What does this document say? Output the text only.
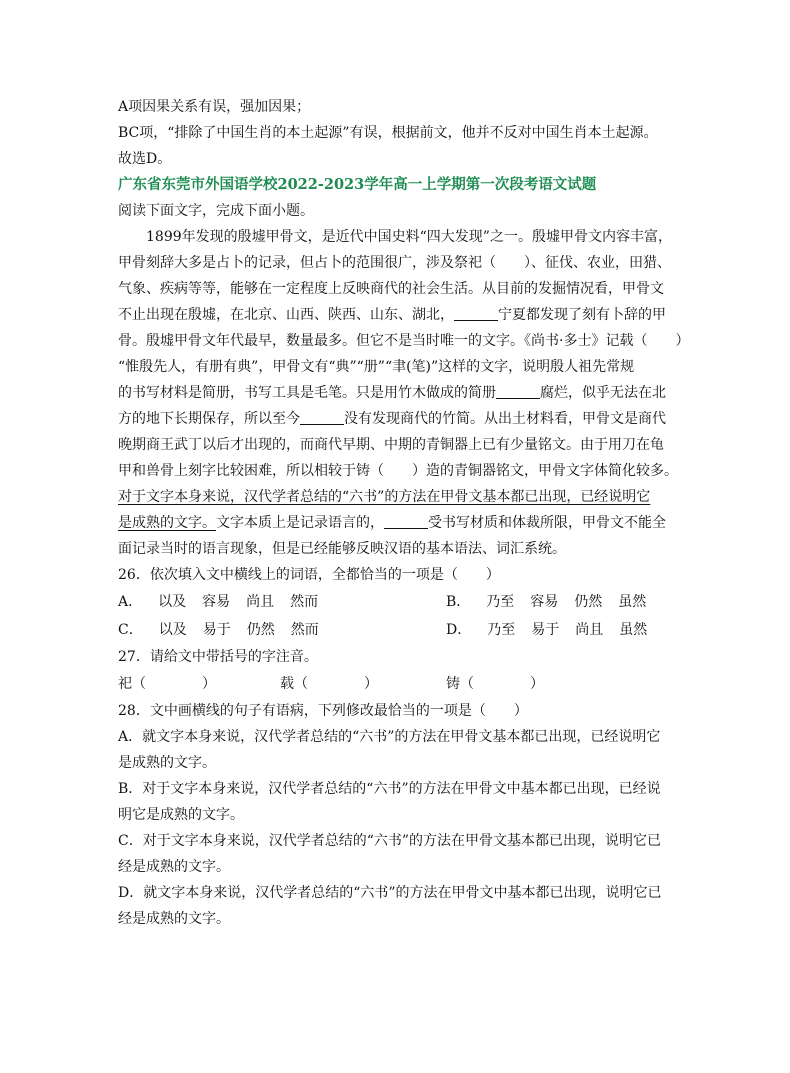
A项因果关系有误，强加因果；
BC项，“排除了中国生肖的本土起源”有误，根据前文，他并不反对中国生肖本土起源。
故选D。
广东省东莞市外国语学校2022-2023学年高一上学期第一次段考语文试题
阅读下面文字，完成下面小题。
1899年发现的殷墟甲骨文，是近代中国史料“四大发现”之一。殷墟甲骨文内容丰富，
甲骨刻辞大多是占卜的记录，但占卜的范围很广，涉及祭祀（　　）、征伐、农业，田猎、
气象、疾病等等，能够在一定程度上反映商代的社会生活。从目前的发掘情况看，甲骨文
不止出现在殷墟，在北京、山西、陕西、山东、湖北，	宁夏都发现了刻有卜辞的甲
骨。殷墟甲骨文年代最早，数量最多。但它不是当时唯一的文字。《尚书·多士》记载（　　）
“惟殷先人，有册有典”，甲骨文有“典”“册”“聿(笔)”这样的文字，说明殷人祖先常规
的书写材料是简册，书写工具是毛笔。只是用竹木做成的简册	腐烂，似乎无法在北
方的地下长期保存，所以至今	没有发现商代的竹简。从出土材料看，甲骨文是商代
晚期商王武丁以后才出现的，而商代早期、中期的青铜器上已有少量铭文。由于用刀在龟
甲和兽骨上刻字比较困难，所以相较于铸（　　）造的青铜器铭文，甲骨文字体简化较多。
对于文字本身来说，汉代学者总结的“六书”的方法在甲骨文基本都已出现，已经说明它
是成熟的文字。文字本质上是记录语言的，	受书写材质和体裁所限，甲骨文不能全
面记录当时的语言现象，但是已经能够反映汉语的基本语法、词汇系统。
26．依次填入文中横线上的词语，全都恰当的一项是（　　）
A． 以及 容易 尚且 然而	B． 乃至 容易 仍然 虽然
C． 以及 易于 仍然 然而	D． 乃至 易于 尚且 虽然
27．请给文中带括号的字注音。
祀（　　　　）	载（　　　　）	铸（　　　　）
28．文中画横线的句子有语病，下列修改最恰当的一项是（　　）
A．就文字本身来说，汉代学者总结的“六书”的方法在甲骨文基本都已出现，已经说明它
是成熟的文字。
B．对于文字本身来说，汉代学者总结的“六书”的方法在甲骨文中基本都已出现，已经说
明它是成熟的文字。
C．对于文字本身来说，汉代学者总结的“六书”的方法在甲骨文基本都已出现，说明它已
经是成熟的文字。
D．就文字本身来说，汉代学者总结的“六书”的方法在甲骨文中基本都已出现，说明它已
经是成熟的文字。
